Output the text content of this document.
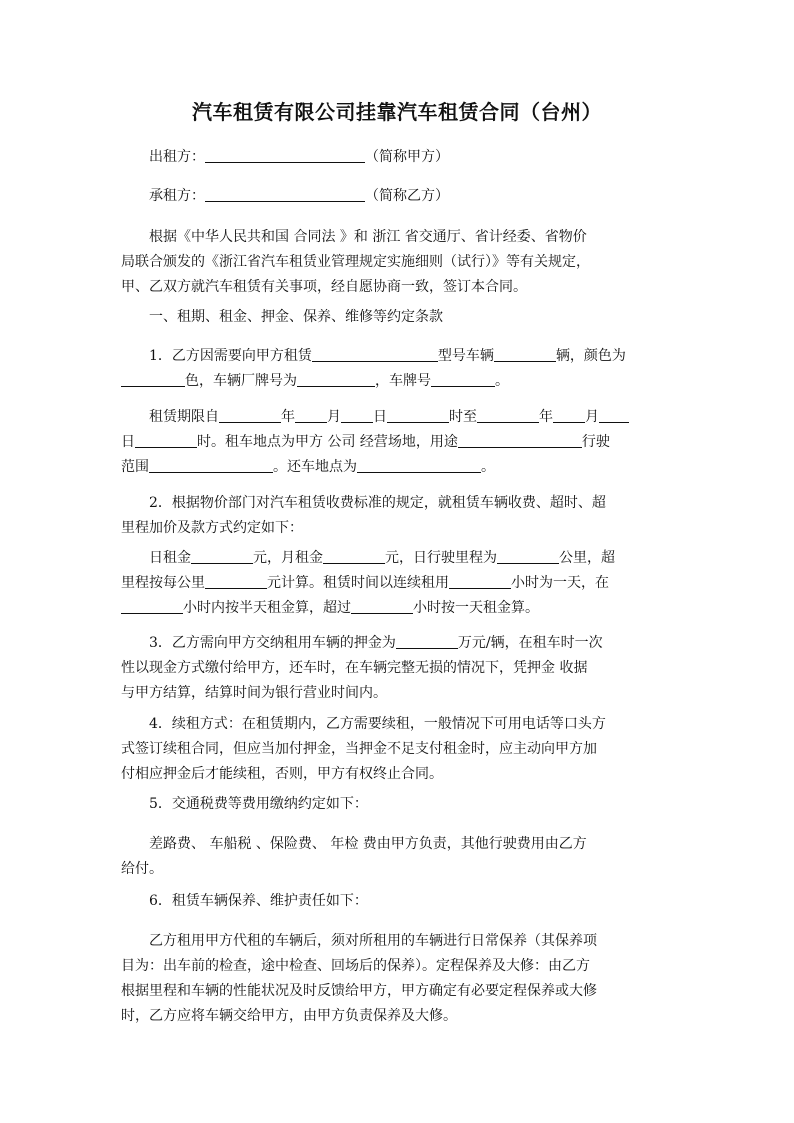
汽车租赁有限公司挂靠汽车租赁合同（台州）
出租方：	（简称甲方）
承租方：	（简称乙方）
根据《中华人民共和国 合同法 》和 浙江 省交通厅、省计经委、省物价
局联合颁发的《浙江省汽车租赁业管理规定实施细则（试行）》等有关规定，
甲、乙双方就汽车租赁有关事项，经自愿协商一致，签订本合同。
一、租期、租金、押金、保养、维修等约定条款
1．乙方因需要向甲方租赁	型号车辆	辆，颜色为
色，车辆厂牌号为	，车牌号	。
租赁期限自	年 月 日	时至	年 月
日	时。租车地点为甲方 公司 经营场地，用途	行驶
范围	。还车地点为	。
2．根据物价部门对汽车租赁收费标准的规定，就租赁车辆收费、超时、超
里程加价及款方式约定如下：
日租金	元，月租金	元，日行驶里程为	公里，超
里程按每公里	元计算。租赁时间以连续租用	小时为一天，在
小时内按半天租金算，超过	小时按一天租金算。
3．乙方需向甲方交纳租用车辆的押金为	万元/辆，在租车时一次
性以现金方式缴付给甲方，还车时，在车辆完整无损的情况下，凭押金 收据
与甲方结算，结算时间为银行营业时间内。
4．续租方式：在租赁期内，乙方需要续租，一般情况下可用电话等口头方
式签订续租合同，但应当加付押金，当押金不足支付租金时，应主动向甲方加
付相应押金后才能续租，否则，甲方有权终止合同。
5．交通税费等费用缴纳约定如下：
差路费、 车船税 、保险费、 年检 费由甲方负责，其他行驶费用由乙方
给付。
6．租赁车辆保养、维护责任如下：
乙方租用甲方代租的车辆后，须对所租用的车辆进行日常保养（其保养项
目为：出车前的检查，途中检查、回场后的保养）。定程保养及大修：由乙方
根据里程和车辆的性能状况及时反馈给甲方，甲方确定有必要定程保养或大修
时，乙方应将车辆交给甲方，由甲方负责保养及大修。
